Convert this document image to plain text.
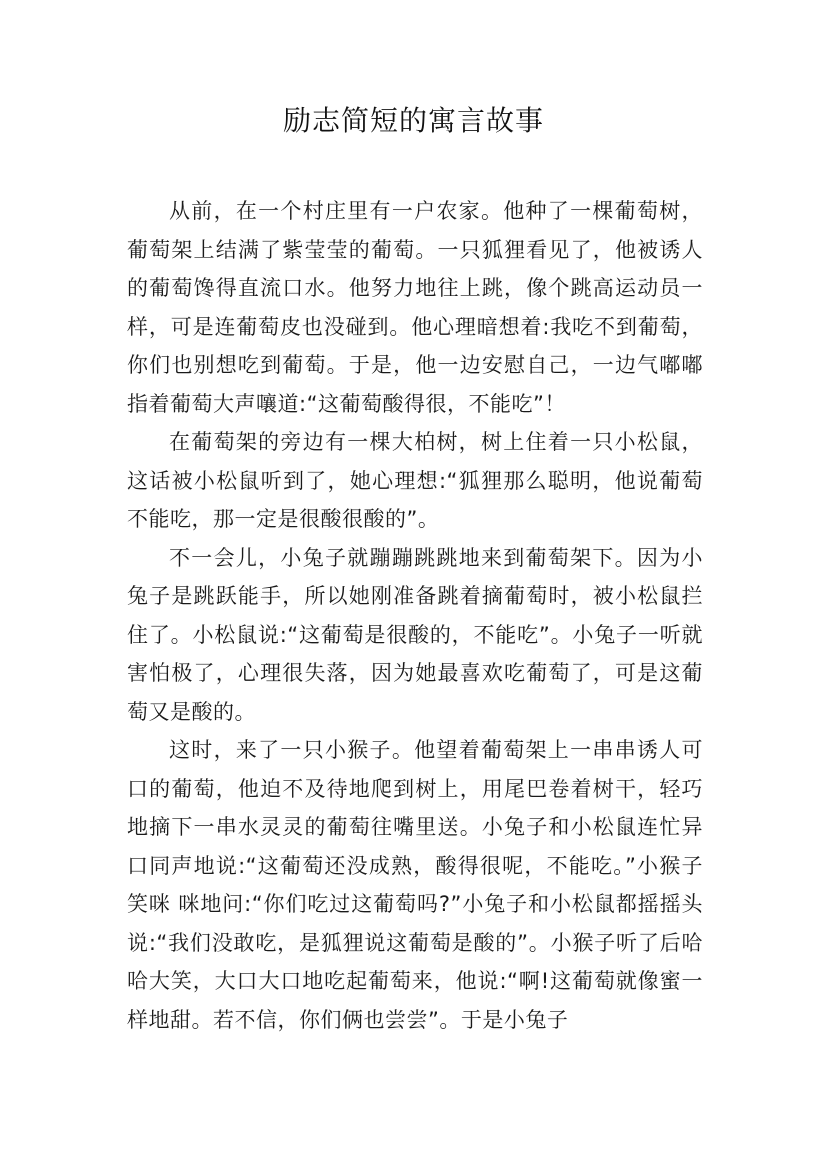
励志简短的寓言故事

从前，在一个村庄里有一户农家。他种了一棵葡萄树，葡萄架上结满了紫莹莹的葡萄。一只狐狸看见了，他被诱人的葡萄馋得直流口水。他努力地往上跳，像个跳高运动员一样，可是连葡萄皮也没碰到。他心理暗想着:我吃不到葡萄，你们也别想吃到葡萄。于是，他一边安慰自己，一边气嘟嘟指着葡萄大声嚷道:“这葡萄酸得很，不能吃”！

在葡萄架的旁边有一棵大柏树，树上住着一只小松鼠，这话被小松鼠听到了，她心理想:“狐狸那么聪明，他说葡萄不能吃，那一定是很酸很酸的”。

不一会儿，小兔子就蹦蹦跳跳地来到葡萄架下。因为小兔子是跳跃能手，所以她刚准备跳着摘葡萄时，被小松鼠拦住了。小松鼠说:“这葡萄是很酸的，不能吃”。小兔子一听就害怕极了，心理很失落，因为她最喜欢吃葡萄了，可是这葡萄又是酸的。

这时，来了一只小猴子。他望着葡萄架上一串串诱人可口的葡萄，他迫不及待地爬到树上，用尾巴卷着树干，轻巧地摘下一串水灵灵的葡萄往嘴里送。小兔子和小松鼠连忙异口同声地说:“这葡萄还没成熟，酸得很呢，不能吃。”小猴子笑咪 咪地问:“你们吃过这葡萄吗?”小兔子和小松鼠都摇摇头说:“我们没敢吃，是狐狸说这葡萄是酸的”。小猴子听了后哈哈大笑，大口大口地吃起葡萄来，他说:“啊!这葡萄就像蜜一样地甜。若不信，你们俩也尝尝”。于是小兔子
